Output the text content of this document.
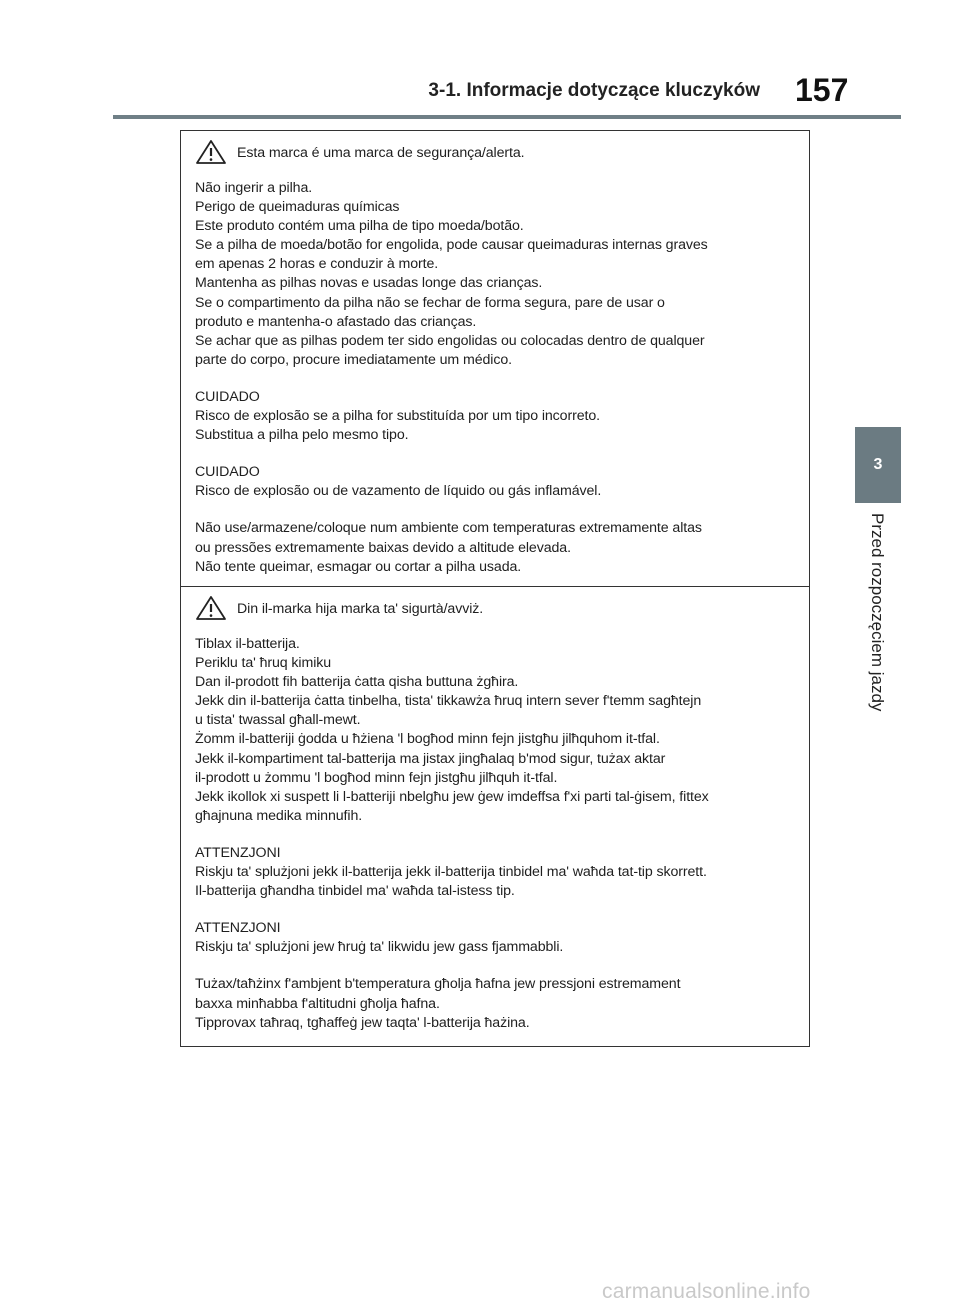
3-1. Informacje dotyczące kluczyków 157
3
Przed rozpoczęciem jazdy
Esta marca é uma marca de segurança/alerta.
Não ingerir a pilha.
Perigo de queimaduras químicas
Este produto contém uma pilha de tipo moeda/botão.
Se a pilha de moeda/botão for engolida, pode causar queimaduras internas graves
em apenas 2 horas e conduzir à morte.
Mantenha as pilhas novas e usadas longe das crianças.
Se o compartimento da pilha não se fechar de forma segura, pare de usar o
produto e mantenha-o afastado das crianças.
Se achar que as pilhas podem ter sido engolidas ou colocadas dentro de qualquer
parte do corpo, procure imediatamente um médico.
CUIDADO
Risco de explosão se a pilha for substituída por um tipo incorreto.
Substitua a pilha pelo mesmo tipo.
CUIDADO
Risco de explosão ou de vazamento de líquido ou gás inflamável.
Não use/armazene/coloque num ambiente com temperaturas extremamente altas
ou pressões extremamente baixas devido a altitude elevada.
Não tente queimar, esmagar ou cortar a pilha usada.
Din il-marka hija marka ta' sigurtà/avviż.
Tiblax il-batterija.
Periklu ta' ħruq kimiku
Dan il-prodott fih batterija ċatta qisha buttuna żgħira.
Jekk din il-batterija ċatta tinbelha, tista' tikkawża ħruq intern sever f'temm sagħtejn
u tista' twassal għall-mewt.
Żomm il-batteriji ġodda u ħżiena 'l bogħod minn fejn jistgħu jilħquhom it-tfal.
Jekk il-kompartiment tal-batterija ma jistax jingħalaq b'mod sigur, tużax aktar
il-prodott u żommu 'l bogħod minn fejn jistgħu jilħquh it-tfal.
Jekk ikollok xi suspett li l-batteriji nbelgħu jew ġew imdeffsa f'xi parti tal-ġisem, fittex
għajnuna medika minnufih.
ATTENZJONI
Riskju ta' splużjoni jekk il-batterija jekk il-batterija tinbidel ma' waħda tat-tip skorrett.
Il-batterija għandha tinbidel ma' waħda tal-istess tip.
ATTENZJONI
Riskju ta' splużjoni jew ħruġ ta' likwidu jew gass fjammabbli.
Tużax/taħżinx f'ambjent b'temperatura għolja ħafna jew pressjoni estremament
baxxa minħabba f'altitudni għolja ħafna.
Tipprovax taħraq, tgħaffeġ jew taqta' l-batterija ħażina.
carmanualsonline.info
